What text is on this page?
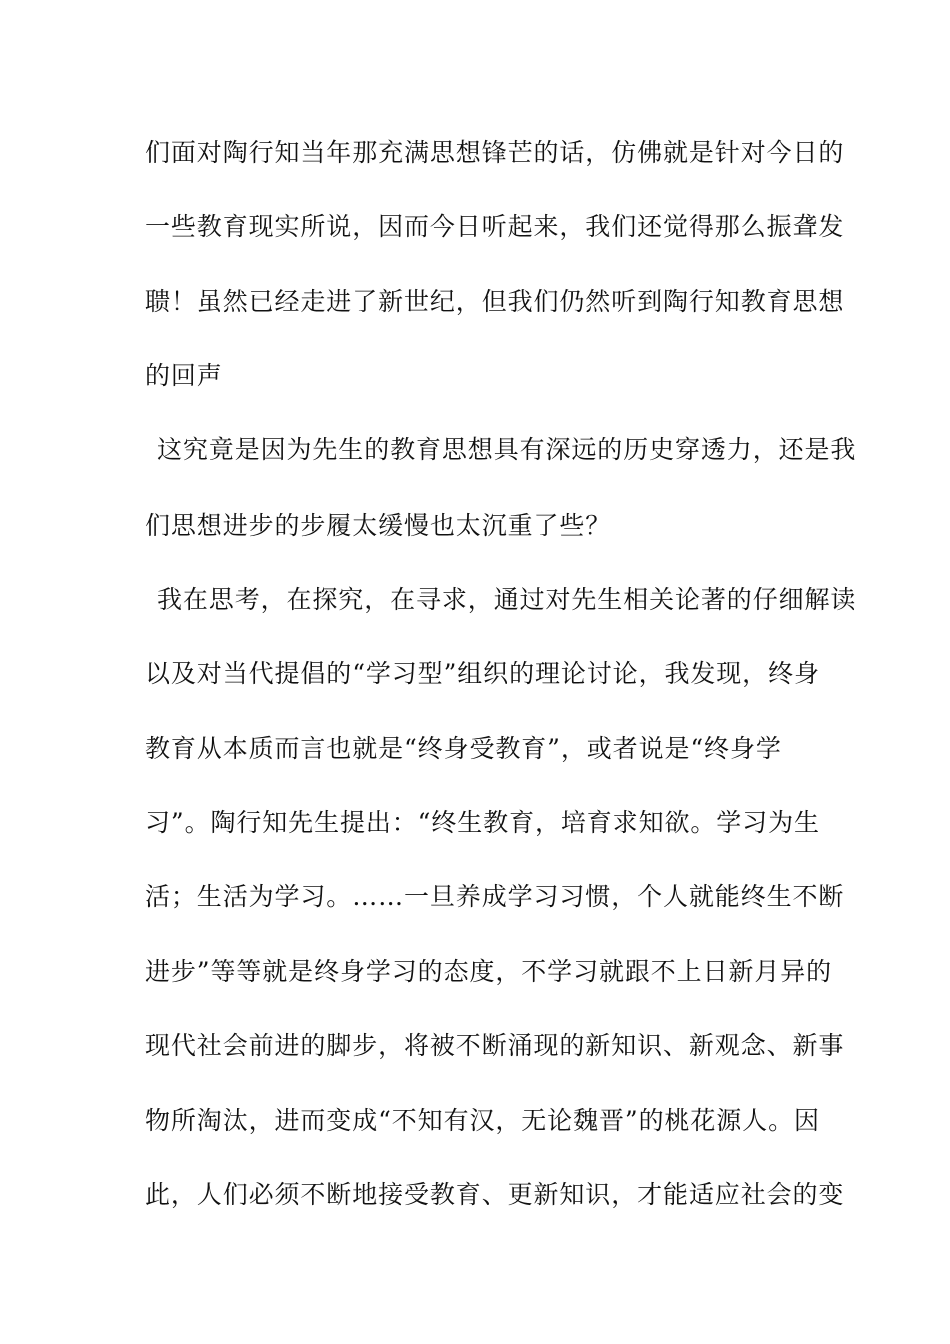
们面对陶行知当年那充满思想锋芒的话，仿佛就是针对今日的
一些教育现实所说，因而今日听起来，我们还觉得那么振聋发
聩！虽然已经走进了新世纪，但我们仍然听到陶行知教育思想
的回声
这究竟是因为先生的教育思想具有深远的历史穿透力，还是我
们思想进步的步履太缓慢也太沉重了些？
我在思考，在探究，在寻求，通过对先生相关论著的仔细解读
以及对当代提倡的“学习型”组织的理论讨论，我发现，终身
教育从本质而言也就是“终身受教育”，或者说是“终身学
习”。陶行知先生提出：“终生教育，培育求知欲。学习为生
活；生活为学习。……一旦养成学习习惯，个人就能终生不断
进步”等等就是终身学习的态度，不学习就跟不上日新月异的
现代社会前进的脚步，将被不断涌现的新知识、新观念、新事
物所淘汰，进而变成“不知有汉，无论魏晋”的桃花源人。因
此，人们必须不断地接受教育、更新知识，才能适应社会的变
